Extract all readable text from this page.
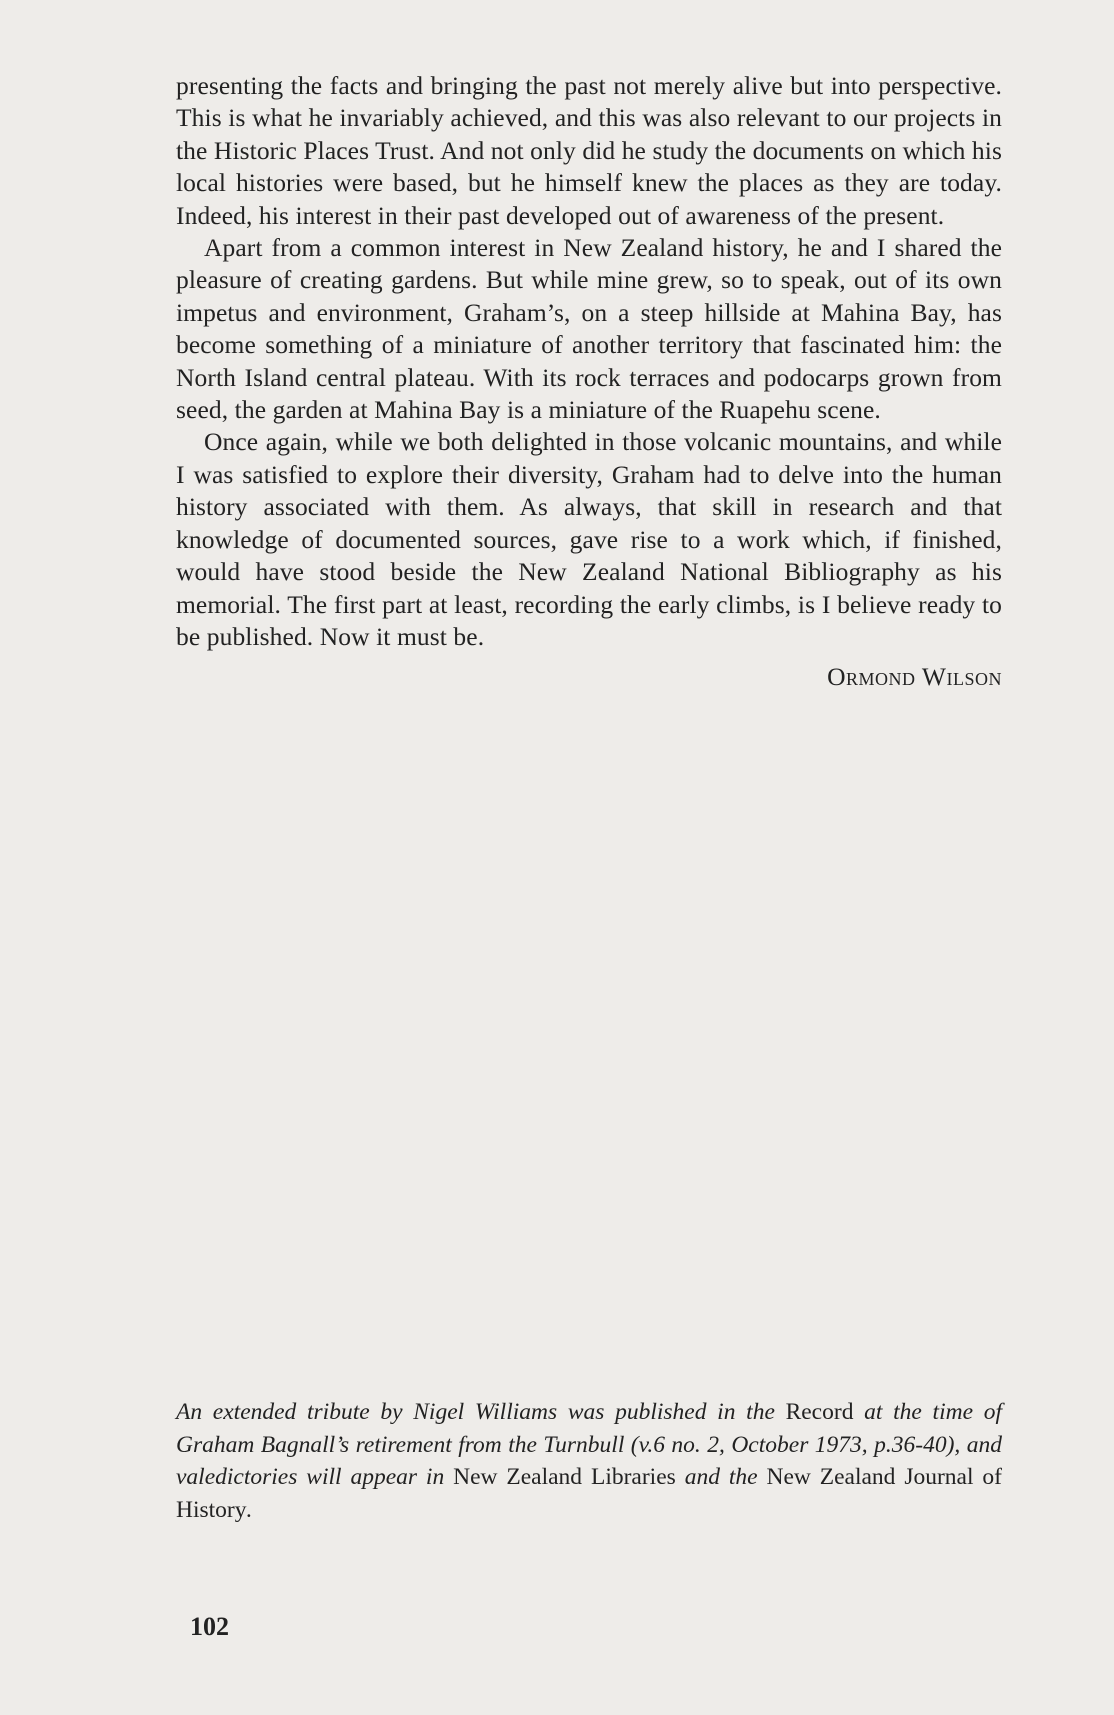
presenting the facts and bringing the past not merely alive but into perspective. This is what he invariably achieved, and this was also relevant to our projects in the Historic Places Trust. And not only did he study the documents on which his local histories were based, but he himself knew the places as they are today. Indeed, his interest in their past developed out of awareness of the present.

Apart from a common interest in New Zealand history, he and I shared the pleasure of creating gardens. But while mine grew, so to speak, out of its own impetus and environment, Graham’s, on a steep hillside at Mahina Bay, has become something of a miniature of another territory that fascinated him: the North Island central plateau. With its rock terraces and podocarps grown from seed, the garden at Mahina Bay is a miniature of the Ruapehu scene.

Once again, while we both delighted in those volcanic mountains, and while I was satisfied to explore their diversity, Graham had to delve into the human history associated with them. As always, that skill in research and that knowledge of documented sources, gave rise to a work which, if finished, would have stood beside the New Zealand National Bibliography as his memorial. The first part at least, recording the early climbs, is I believe ready to be published. Now it must be.

Ormond Wilson

An extended tribute by Nigel Williams was published in the Record at the time of Graham Bagnall’s retirement from the Turnbull (v.6 no. 2, October 1973, p.36-40), and valedictories will appear in New Zealand Libraries and the New Zealand Journal of History.

102
